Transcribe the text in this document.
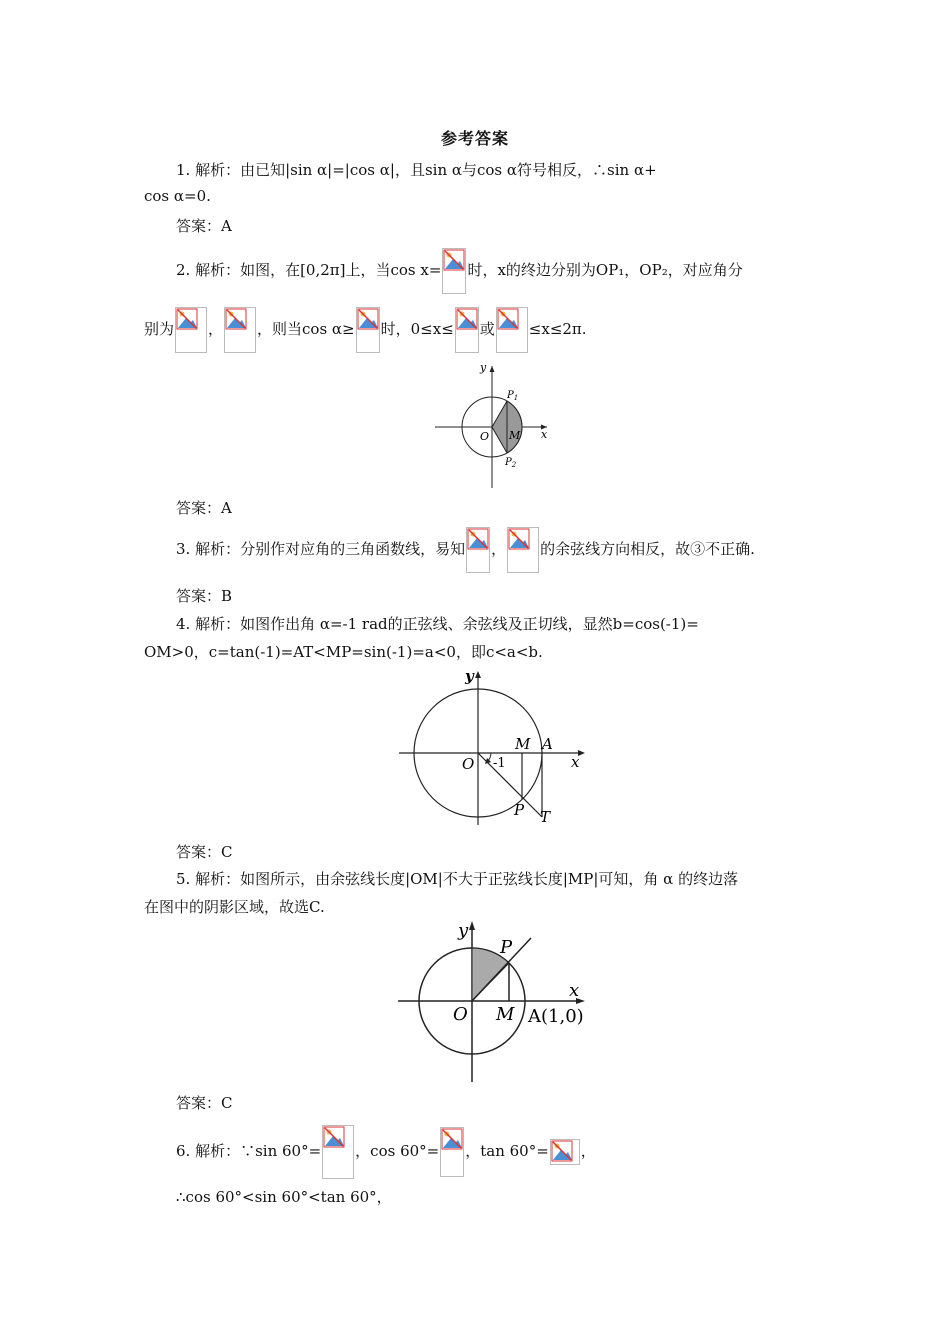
参考答案
1. 解析：由已知|sin α|=|cos α|，且sin α与cos α符号相反，∴sin α+
cos α=0.
答案：A
2. 解析：如图，在[0,2π]上，当cos x= 时，x的终边分别为OP₁，OP₂，对应角分
别为 ， ，则当cos α≥ 时，0≤x≤ 或 ≤x≤2π.
y
x
O M
$P_1$
$P_2$
答案：A
3. 解析：分别作对应角的三角函数线，易知 ， 的余弦线方向相反，故③不正确.
答案：B
4. 解析：如图作出角 α=-1 rad的正弦线、余弦线及正切线，显然b=cos(-1)=
OM>0，c=tan(-1)=AT<MP=sin(-1)=a<0，即c<a<b.
y
x
O
M A
P T
-1
答案：C
5. 解析：如图所示，由余弦线长度|OM|不大于正弦线长度|MP|可知，角 α 的终边落
在图中的阴影区域，故选C.
y
x
O M A(1,0)
P
答案：C
6. 解析：∵sin 60°= ，cos 60°= ，tan 60°= ，
∴cos 60°<sin 60°<tan 60°，
